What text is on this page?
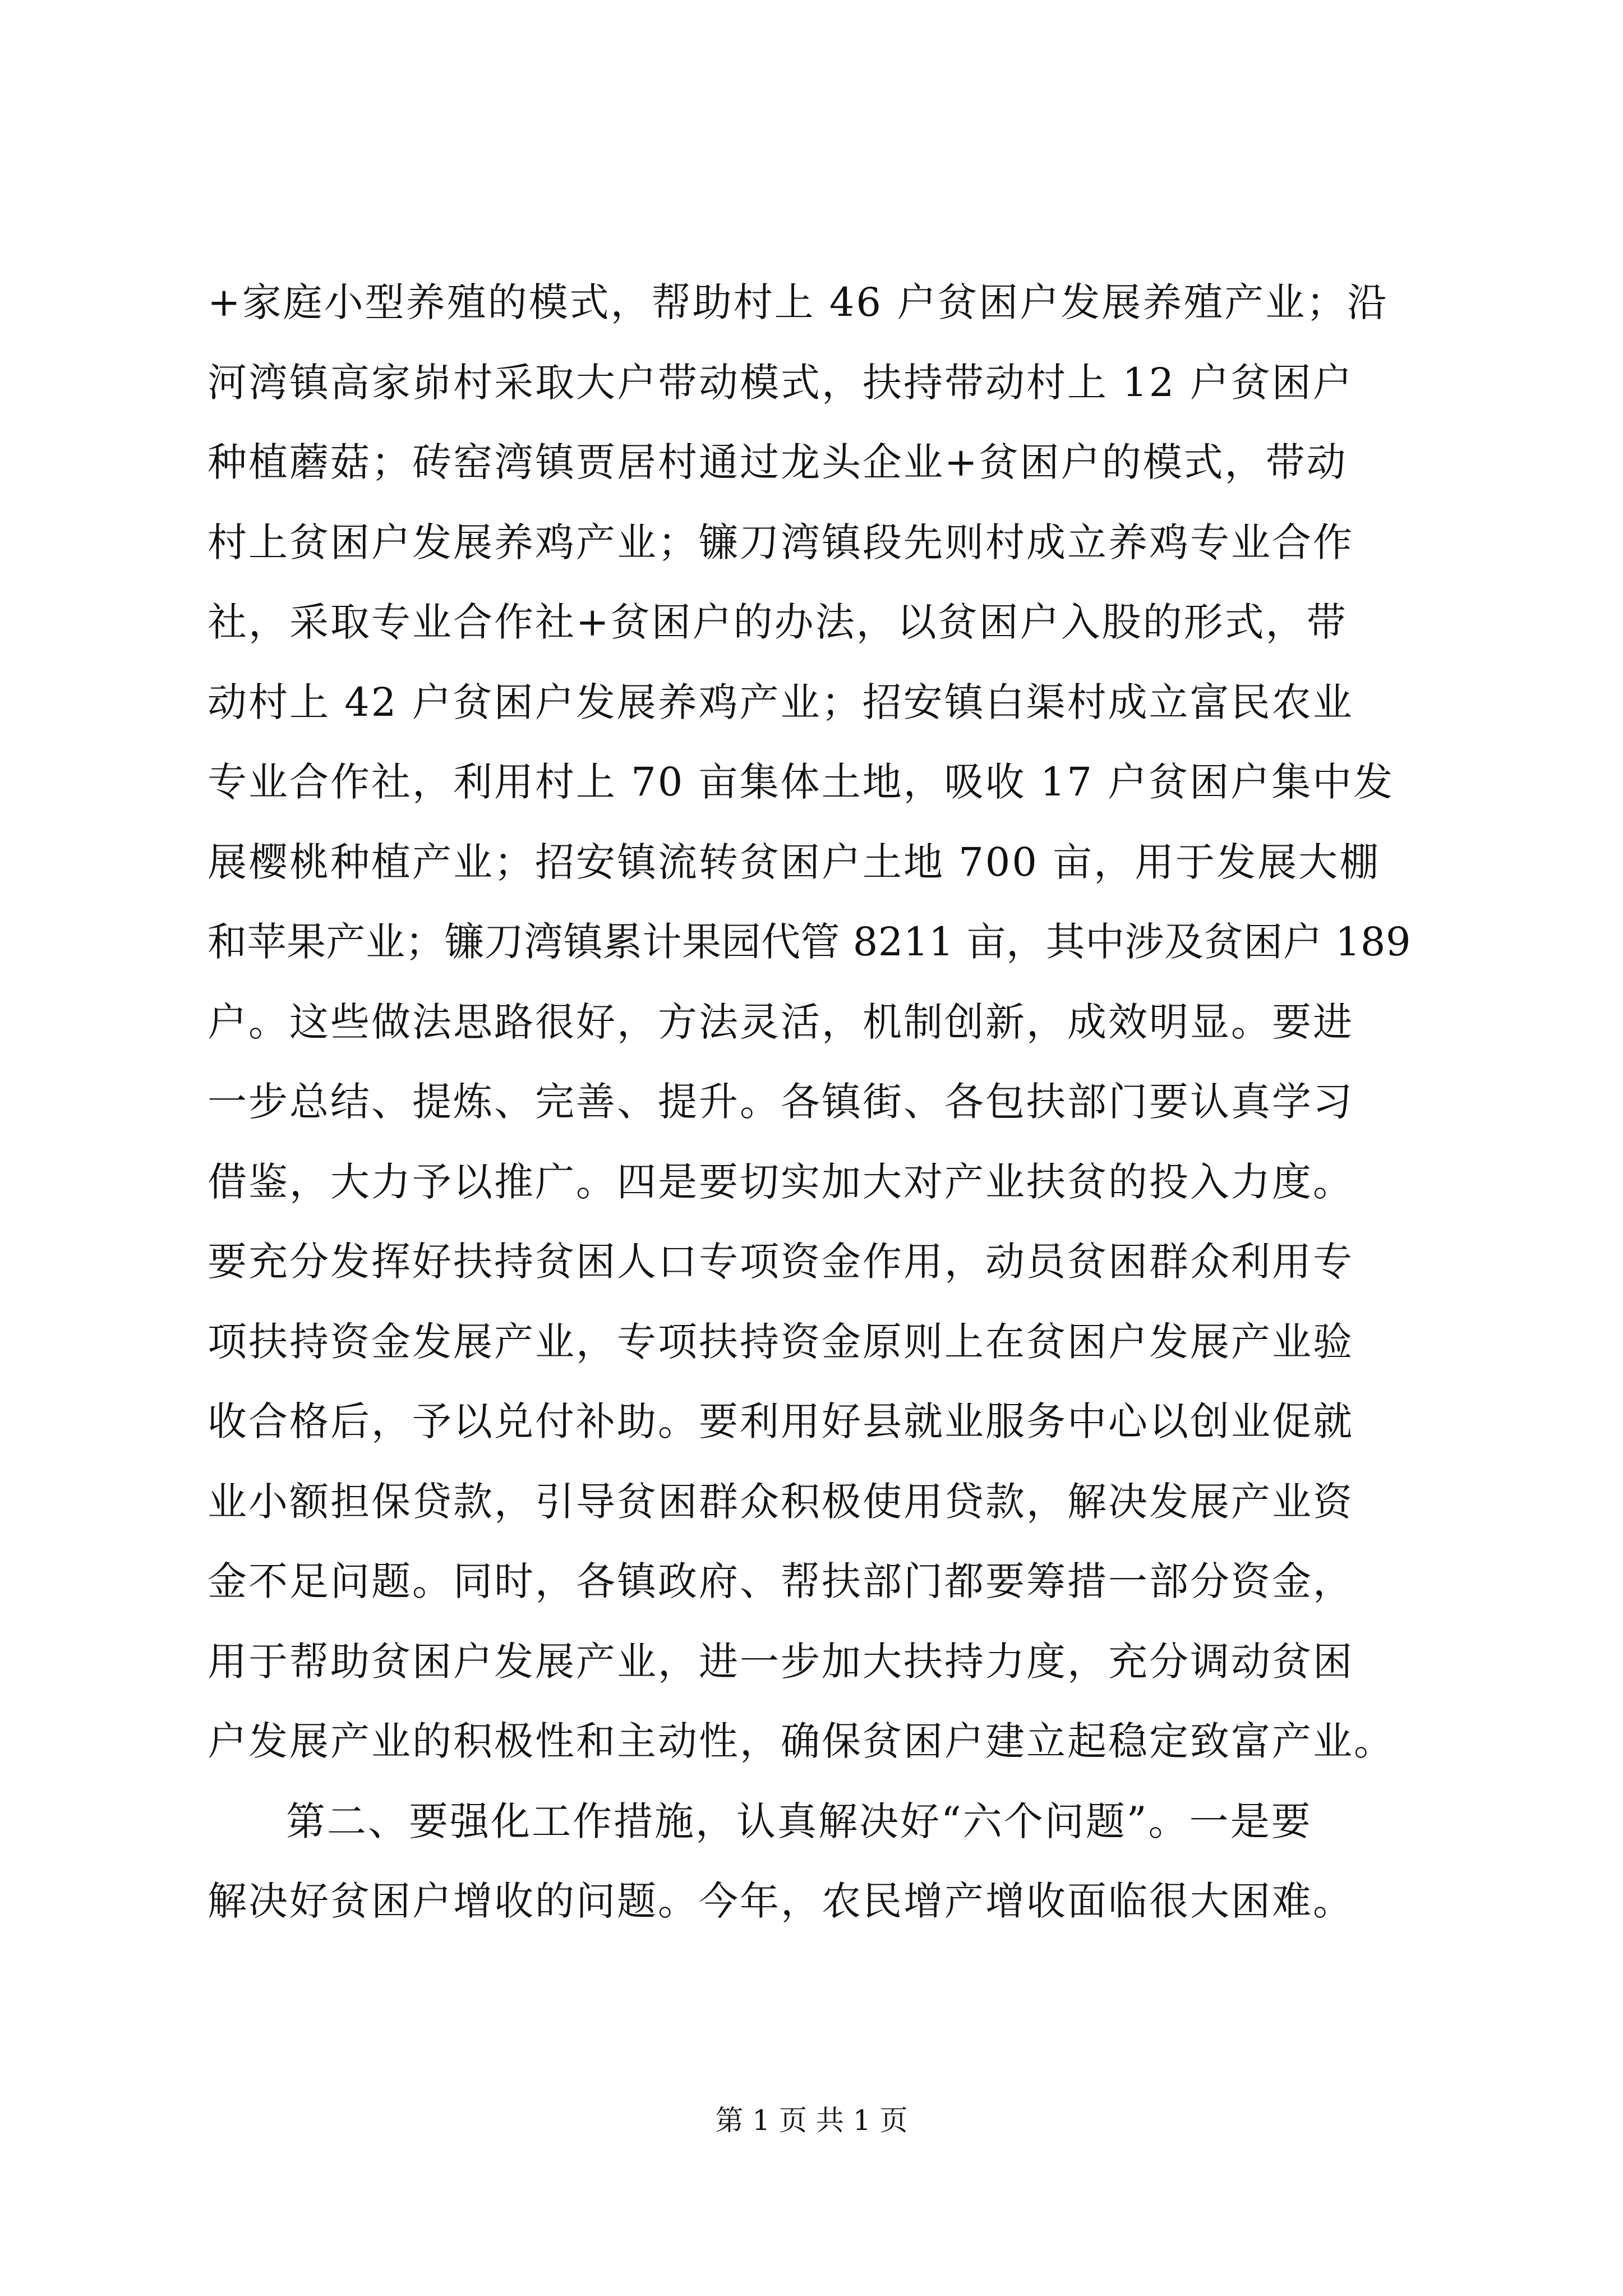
+家庭小型养殖的模式，帮助村上 46 户贫困户发展养殖产业；沿
河湾镇高家峁村采取大户带动模式，扶持带动村上 12 户贫困户
种植蘑菇；砖窑湾镇贾居村通过龙头企业+贫困户的模式，带动
村上贫困户发展养鸡产业；镰刀湾镇段先则村成立养鸡专业合作
社，采取专业合作社+贫困户的办法，以贫困户入股的形式，带
动村上 42 户贫困户发展养鸡产业；招安镇白渠村成立富民农业
专业合作社，利用村上 70 亩集体土地，吸收 17 户贫困户集中发
展樱桃种植产业；招安镇流转贫困户土地 700 亩，用于发展大棚
和苹果产业；镰刀湾镇累计果园代管 8211 亩，其中涉及贫困户 189
户。这些做法思路很好，方法灵活，机制创新，成效明显。要进
一步总结、提炼、完善、提升。各镇街、各包扶部门要认真学习
借鉴，大力予以推广。四是要切实加大对产业扶贫的投入力度。
要充分发挥好扶持贫困人口专项资金作用，动员贫困群众利用专
项扶持资金发展产业，专项扶持资金原则上在贫困户发展产业验
收合格后，予以兑付补助。要利用好县就业服务中心以创业促就
业小额担保贷款，引导贫困群众积极使用贷款，解决发展产业资
金不足问题。同时，各镇政府、帮扶部门都要筹措一部分资金，
用于帮助贫困户发展产业，进一步加大扶持力度，充分调动贫困
户发展产业的积极性和主动性，确保贫困户建立起稳定致富产业。
第二、要强化工作措施，认真解决好“六个问题”。一是要
解决好贫困户增收的问题。今年，农民增产增收面临很大困难。
第 1 页 共 1 页
